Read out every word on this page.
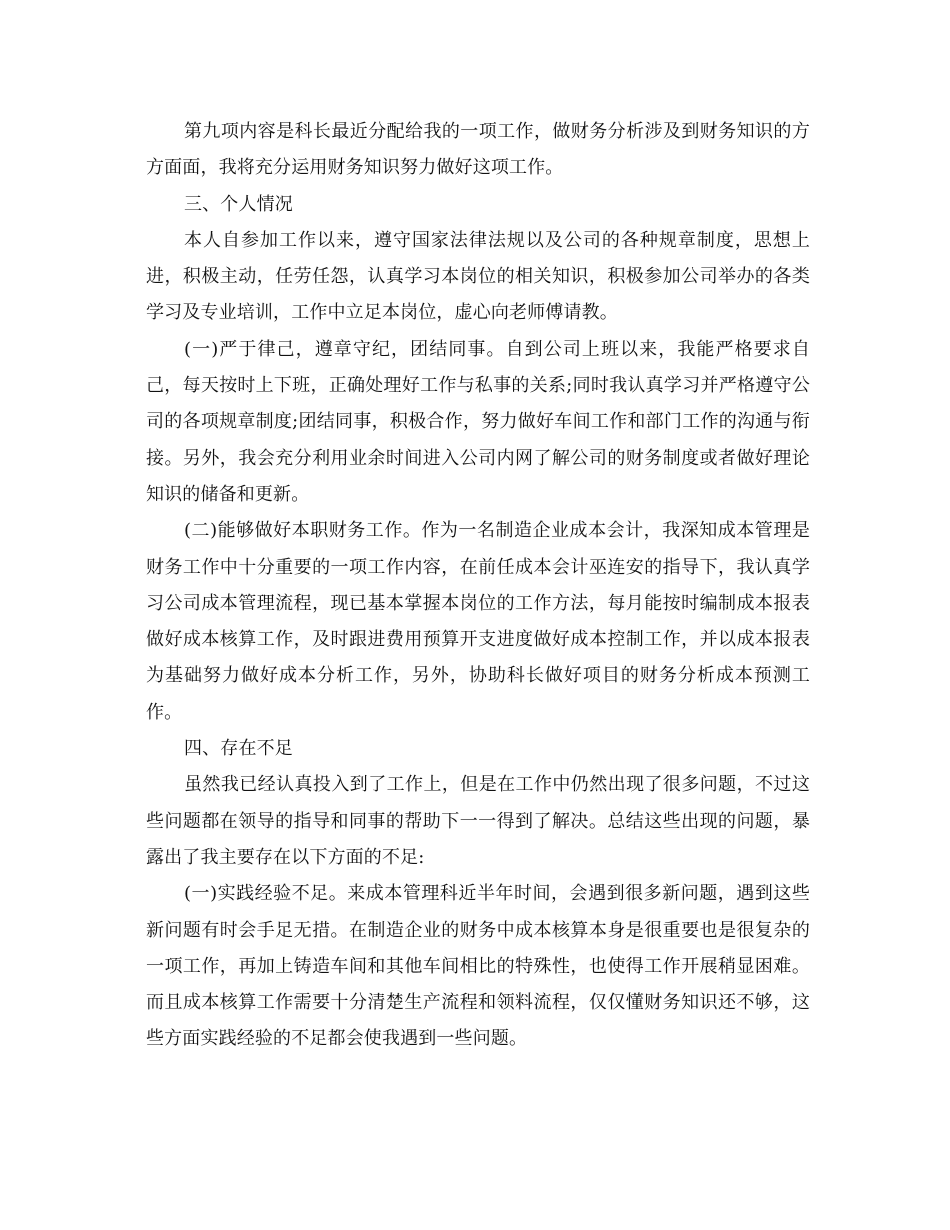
第九项内容是科长最近分配给我的一项工作，做财务分析涉及到财务知识的方方面面，我将充分运用财务知识努力做好这项工作。

三、个人情况

本人自参加工作以来，遵守国家法律法规以及公司的各种规章制度，思想上进，积极主动，任劳任怨，认真学习本岗位的相关知识，积极参加公司举办的各类学习及专业培训，工作中立足本岗位，虚心向老师傅请教。

(一)严于律己，遵章守纪，团结同事。自到公司上班以来，我能严格要求自己，每天按时上下班，正确处理好工作与私事的关系;同时我认真学习并严格遵守公司的各项规章制度;团结同事，积极合作，努力做好车间工作和部门工作的沟通与衔接。另外，我会充分利用业余时间进入公司内网了解公司的财务制度或者做好理论知识的储备和更新。

(二)能够做好本职财务工作。作为一名制造企业成本会计，我深知成本管理是财务工作中十分重要的一项工作内容，在前任成本会计巫连安的指导下，我认真学习公司成本管理流程，现已基本掌握本岗位的工作方法，每月能按时编制成本报表做好成本核算工作，及时跟进费用预算开支进度做好成本控制工作，并以成本报表为基础努力做好成本分析工作，另外，协助科长做好项目的财务分析成本预测工作。

四、存在不足

虽然我已经认真投入到了工作上，但是在工作中仍然出现了很多问题，不过这些问题都在领导的指导和同事的帮助下一一得到了解决。总结这些出现的问题，暴露出了我主要存在以下方面的不足:

(一)实践经验不足。来成本管理科近半年时间，会遇到很多新问题，遇到这些新问题有时会手足无措。在制造企业的财务中成本核算本身是很重要也是很复杂的一项工作，再加上铸造车间和其他车间相比的特殊性，也使得工作开展稍显困难。而且成本核算工作需要十分清楚生产流程和领料流程，仅仅懂财务知识还不够，这些方面实践经验的不足都会使我遇到一些问题。
